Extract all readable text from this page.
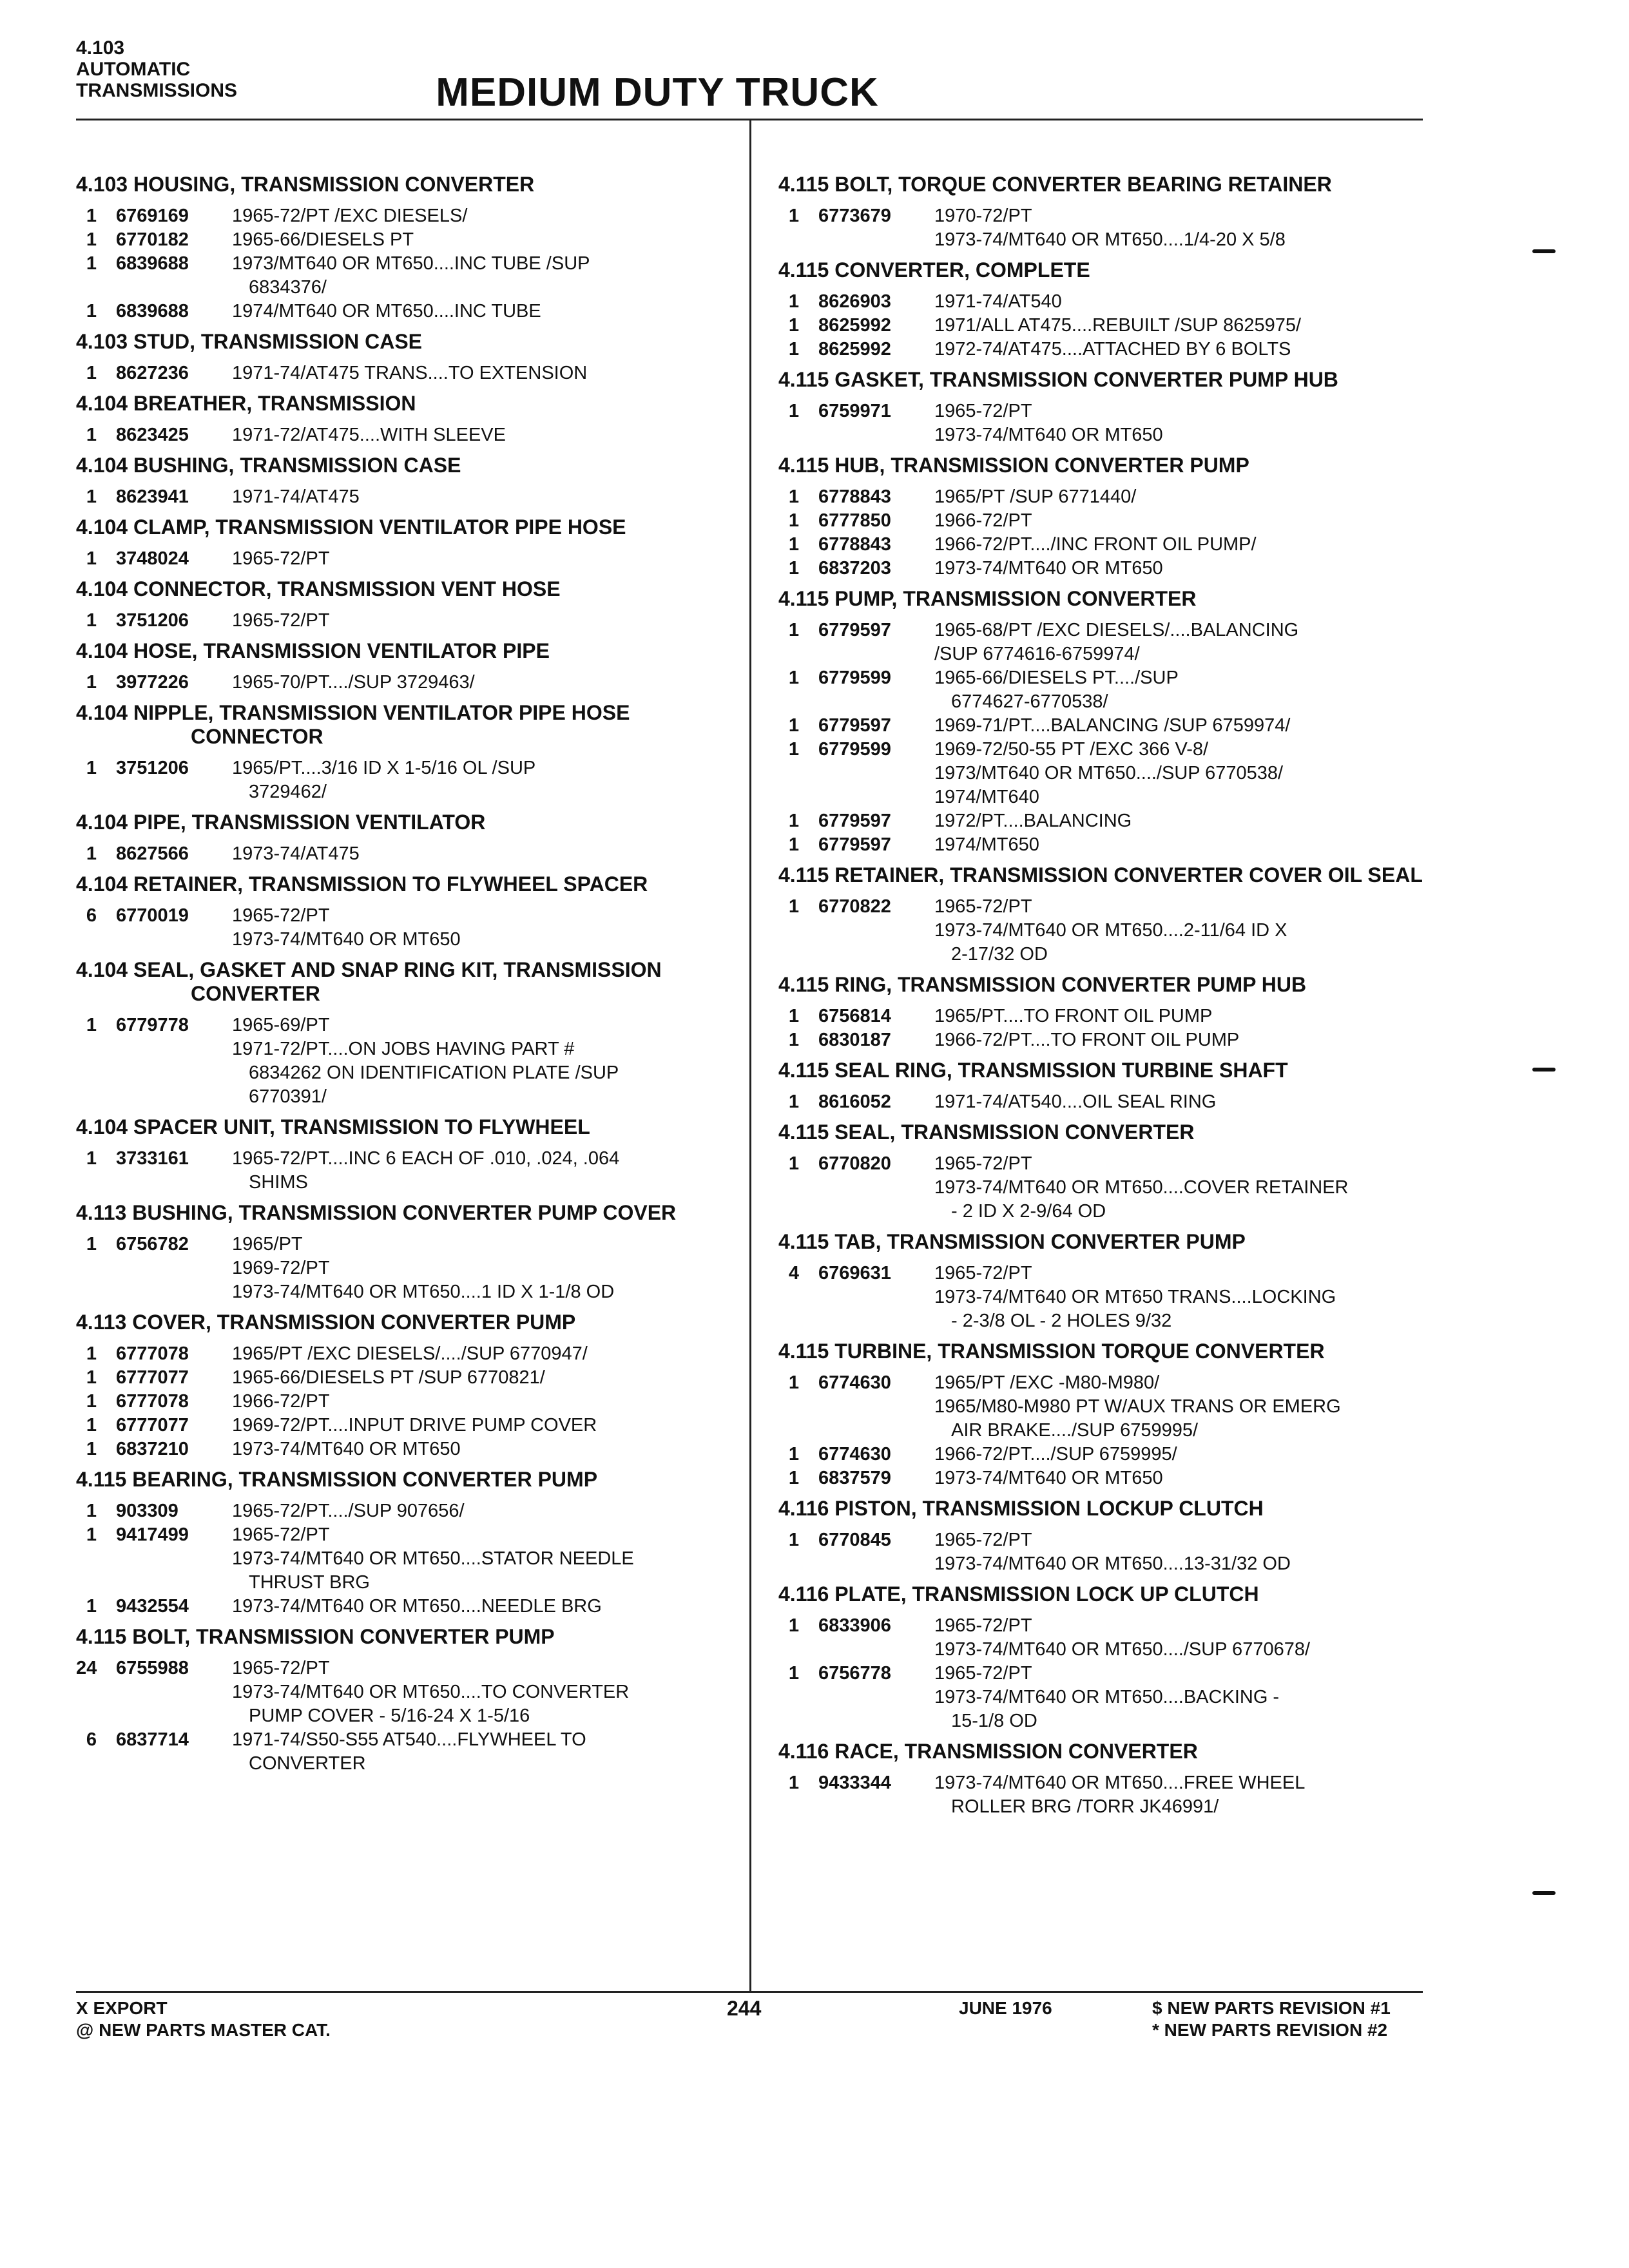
4.103
AUTOMATIC
TRANSMISSIONS	MEDIUM DUTY TRUCK
4.103 HOUSING, TRANSMISSION CONVERTER
1	6769169	1965-72/PT /EXC DIESELS/
1	6770182	1965-66/DIESELS PT
1	6839688	1973/MT640 OR MT650....INC TUBE /SUP
6834376/
1	6839688	1974/MT640 OR MT650....INC TUBE
4.103 STUD, TRANSMISSION CASE
1	8627236	1971-74/AT475 TRANS....TO EXTENSION
4.104 BREATHER, TRANSMISSION
1	8623425	1971-72/AT475....WITH SLEEVE
4.104 BUSHING, TRANSMISSION CASE
1	8623941	1971-74/AT475
4.104 CLAMP, TRANSMISSION VENTILATOR PIPE HOSE
1	3748024	1965-72/PT
4.104 CONNECTOR, TRANSMISSION VENT HOSE
1	3751206	1965-72/PT
4.104 HOSE, TRANSMISSION VENTILATOR PIPE
1	3977226	1965-70/PT..../SUP 3729463/
4.104 NIPPLE, TRANSMISSION VENTILATOR PIPE HOSE CONNECTOR
1	3751206	1965/PT....3/16 ID X 1-5/16 OL /SUP
3729462/
4.104 PIPE, TRANSMISSION VENTILATOR
1	8627566	1973-74/AT475
4.104 RETAINER, TRANSMISSION TO FLYWHEEL SPACER
6	6770019	1965-72/PT
1973-74/MT640 OR MT650
4.104 SEAL, GASKET AND SNAP RING KIT, TRANSMISSION CONVERTER
1	6779778	1965-69/PT
1971-72/PT....ON JOBS HAVING PART #
6834262 ON IDENTIFICATION PLATE /SUP
6770391/
4.104 SPACER UNIT, TRANSMISSION TO FLYWHEEL
1	3733161	1965-72/PT....INC 6 EACH OF .010, .024, .064
SHIMS
4.113 BUSHING, TRANSMISSION CONVERTER PUMP COVER
1	6756782	1965/PT
1969-72/PT
1973-74/MT640 OR MT650....1 ID X 1-1/8 OD
4.113 COVER, TRANSMISSION CONVERTER PUMP
1	6777078	1965/PT /EXC DIESELS/..../SUP 6770947/
1	6777077	1965-66/DIESELS PT /SUP 6770821/
1	6777078	1966-72/PT
1	6777077	1969-72/PT....INPUT DRIVE PUMP COVER
1	6837210	1973-74/MT640 OR MT650
4.115 BEARING, TRANSMISSION CONVERTER PUMP
1	903309	1965-72/PT..../SUP 907656/
1	9417499	1965-72/PT
1973-74/MT640 OR MT650....STATOR NEEDLE
THRUST BRG
1	9432554	1973-74/MT640 OR MT650....NEEDLE BRG
4.115 BOLT, TRANSMISSION CONVERTER PUMP
24	6755988	1965-72/PT
1973-74/MT640 OR MT650....TO CONVERTER
PUMP COVER - 5/16-24 X 1-5/16
6	6837714	1971-74/S50-S55 AT540....FLYWHEEL TO
CONVERTER
4.115 BOLT, TORQUE CONVERTER BEARING RETAINER
1	6773679	1970-72/PT
1973-74/MT640 OR MT650....1/4-20 X 5/8
4.115 CONVERTER, COMPLETE
1	8626903	1971-74/AT540
1	8625992	1971/ALL AT475....REBUILT /SUP 8625975/
1	8625992	1972-74/AT475....ATTACHED BY 6 BOLTS
4.115 GASKET, TRANSMISSION CONVERTER PUMP HUB
1	6759971	1965-72/PT
1973-74/MT640 OR MT650
4.115 HUB, TRANSMISSION CONVERTER PUMP
1	6778843	1965/PT /SUP 6771440/
1	6777850	1966-72/PT
1	6778843	1966-72/PT..../INC FRONT OIL PUMP/
1	6837203	1973-74/MT640 OR MT650
4.115 PUMP, TRANSMISSION CONVERTER
1	6779597	1965-68/PT /EXC DIESELS/....BALANCING
/SUP 6774616-6759974/
1	6779599	1965-66/DIESELS PT..../SUP
6774627-6770538/
1	6779597	1969-71/PT....BALANCING /SUP 6759974/
1	6779599	1969-72/50-55 PT /EXC 366 V-8/
1973/MT640 OR MT650..../SUP 6770538/
1974/MT640
1	6779597	1972/PT....BALANCING
1	6779597	1974/MT650
4.115 RETAINER, TRANSMISSION CONVERTER COVER OIL SEAL
1	6770822	1965-72/PT
1973-74/MT640 OR MT650....2-11/64 ID X
2-17/32 OD
4.115 RING, TRANSMISSION CONVERTER PUMP HUB
1	6756814	1965/PT....TO FRONT OIL PUMP
1	6830187	1966-72/PT....TO FRONT OIL PUMP
4.115 SEAL RING, TRANSMISSION TURBINE SHAFT
1	8616052	1971-74/AT540....OIL SEAL RING
4.115 SEAL, TRANSMISSION CONVERTER
1	6770820	1965-72/PT
1973-74/MT640 OR MT650....COVER RETAINER
- 2 ID X 2-9/64 OD
4.115 TAB, TRANSMISSION CONVERTER PUMP
4	6769631	1965-72/PT
1973-74/MT640 OR MT650 TRANS....LOCKING
- 2-3/8 OL - 2 HOLES 9/32
4.115 TURBINE, TRANSMISSION TORQUE CONVERTER
1	6774630	1965/PT /EXC -M80-M980/
1965/M80-M980 PT W/AUX TRANS OR EMERG
AIR BRAKE..../SUP 6759995/
1	6774630	1966-72/PT..../SUP 6759995/
1	6837579	1973-74/MT640 OR MT650
4.116 PISTON, TRANSMISSION LOCKUP CLUTCH
1	6770845	1965-72/PT
1973-74/MT640 OR MT650....13-31/32 OD
4.116 PLATE, TRANSMISSION LOCK UP CLUTCH
1	6833906	1965-72/PT
1973-74/MT640 OR MT650..../SUP 6770678/
1	6756778	1965-72/PT
1973-74/MT640 OR MT650....BACKING -
15-1/8 OD
4.116 RACE, TRANSMISSION CONVERTER
1	9433344	1973-74/MT640 OR MT650....FREE WHEEL
ROLLER BRG /TORR JK46991/
X EXPORT
@ NEW PARTS MASTER CAT.
244	JUNE 1976	$ NEW PARTS REVISION #1
* NEW PARTS REVISION #2
